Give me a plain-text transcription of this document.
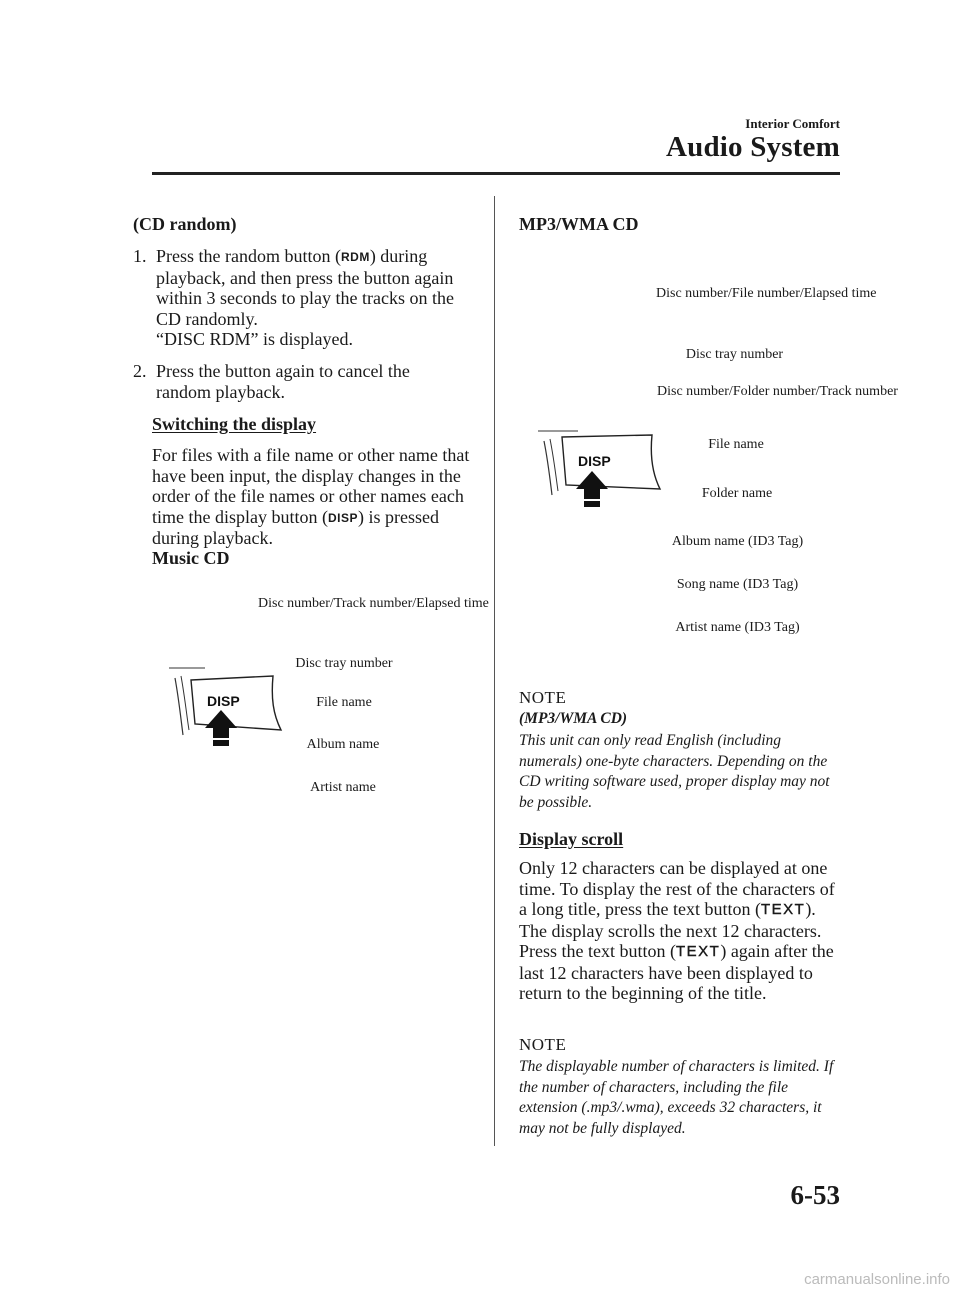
Interior Comfort
Audio System
(CD random)
1. Press the random button (RDM) during playback, and then press the button again within 3 seconds to play the tracks on the CD randomly.
“DISC RDM” is displayed.
2. Press the button again to cancel the random playback.
Switching the display
For files with a file name or other name that have been input, the display changes in the order of the file names or other names each time the display button (DISP) is pressed during playback.
Music CD
DISP
Disc number/Track number/Elapsed time
Disc tray number
File name
Album name
Artist name
MP3/WMA CD
DISP
Disc number/File number/Elapsed time
Disc tray number
Disc number/Folder number/Track number
File name
Folder name
Album name (ID3 Tag)
Song name (ID3 Tag)
Artist name (ID3 Tag)
NOTE
(MP3/WMA CD)
This unit can only read English (including numerals) one-byte characters. Depending on the CD writing software used, proper display may not be possible.
Display scroll
Only 12 characters can be displayed at one time. To display the rest of the characters of a long title, press the text button (TEXT). The display scrolls the next 12 characters. Press the text button (TEXT) again after the last 12 characters have been displayed to return to the beginning of the title.
NOTE
The displayable number of characters is limited. If the number of characters, including the file extension (.mp3/.wma), exceeds 32 characters, it may not be fully displayed.
6-53
carmanualsonline.info
